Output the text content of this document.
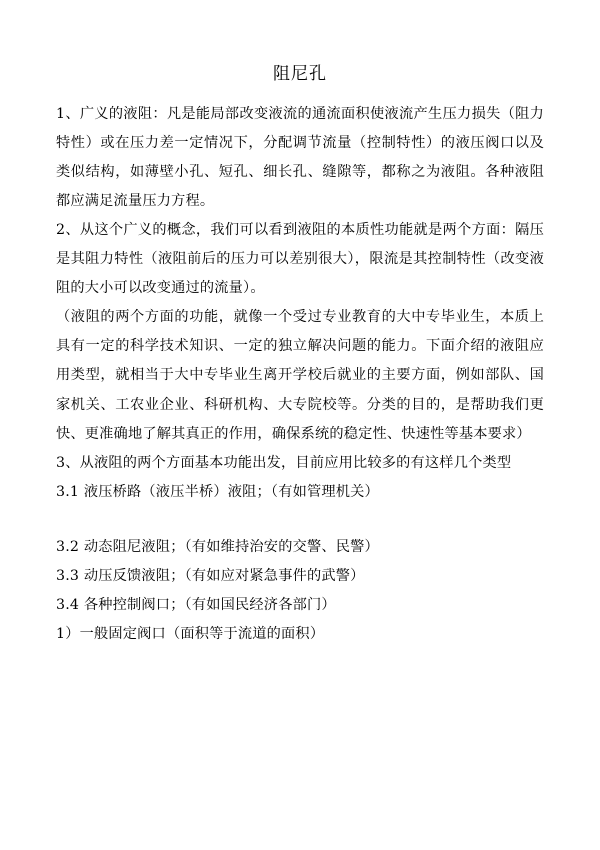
阻尼孔

1、广义的液阻：凡是能局部改变液流的通流面积使液流产生压力损失（阻力特性）或在压力差一定情况下，分配调节流量（控制特性）的液压阀口以及类似结构，如薄壁小孔、短孔、细长孔、缝隙等，都称之为液阻。各种液阻都应满足流量压力方程。

2、从这个广义的概念，我们可以看到液阻的本质性功能就是两个方面：隔压是其阻力特性（液阻前后的压力可以差别很大），限流是其控制特性（改变液阻的大小可以改变通过的流量）。

（液阻的两个方面的功能，就像一个受过专业教育的大中专毕业生，本质上具有一定的科学技术知识、一定的独立解决问题的能力。下面介绍的液阻应用类型，就相当于大中专毕业生离开学校后就业的主要方面，例如部队、国家机关、工农业企业、科研机构、大专院校等。分类的目的，是帮助我们更快、更准确地了解其真正的作用，确保系统的稳定性、快速性等基本要求）

3、从液阻的两个方面基本功能出发，目前应用比较多的有这样几个类型

3.1 液压桥路（液压半桥）液阻；（有如管理机关）

3.2 动态阻尼液阻；（有如维持治安的交警、民警）

3.3 动压反馈液阻；（有如应对紧急事件的武警）

3.4 各种控制阀口；（有如国民经济各部门）

1）一般固定阀口（面积等于流道的面积）
